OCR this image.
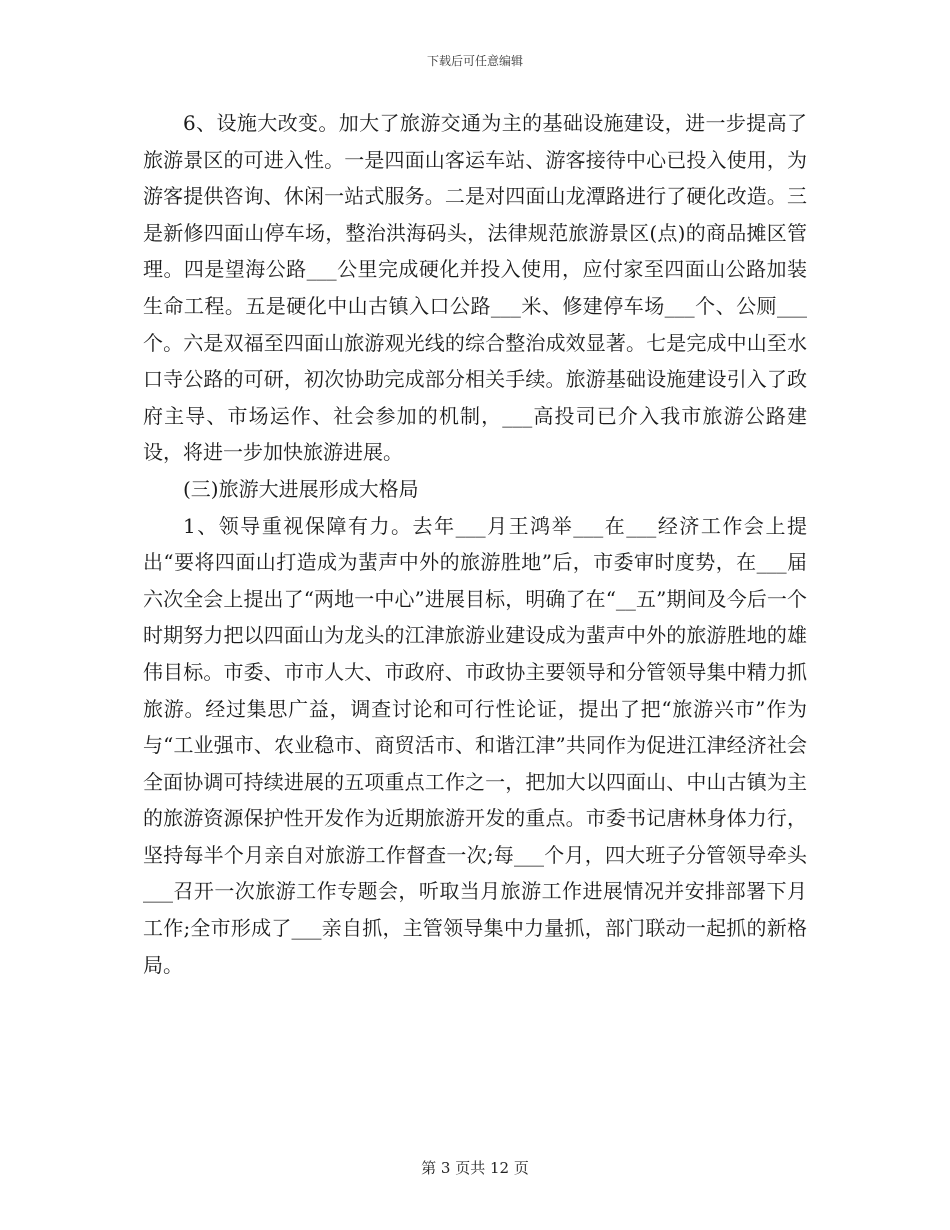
下载后可任意编辑

6、设施大改变。加大了旅游交通为主的基础设施建设，进一步提高了旅游景区的可进入性。一是四面山客运车站、游客接待中心已投入使用，为游客提供咨询、休闲一站式服务。二是对四面山龙潭路进行了硬化改造。三是新修四面山停车场，整治洪海码头，法律规范旅游景区(点)的商品摊区管理。四是望海公路___公里完成硬化并投入使用，应付家至四面山公路加装生命工程。五是硬化中山古镇入口公路___米、修建停车场___个、公厕___个。六是双福至四面山旅游观光线的综合整治成效显著。七是完成中山至水口寺公路的可研，初次协助完成部分相关手续。旅游基础设施建设引入了政府主导、市场运作、社会参加的机制，___高投司已介入我市旅游公路建设，将进一步加快旅游进展。

(三)旅游大进展形成大格局

1、领导重视保障有力。去年___月王鸿举___在___经济工作会上提出“要将四面山打造成为蜚声中外的旅游胜地”后，市委审时度势，在___届六次全会上提出了“两地一中心”进展目标，明确了在“__五”期间及今后一个时期努力把以四面山为龙头的江津旅游业建设成为蜚声中外的旅游胜地的雄伟目标。市委、市市人大、市政府、市政协主要领导和分管领导集中精力抓旅游。经过集思广益，调查讨论和可行性论证，提出了把“旅游兴市”作为与“工业强市、农业稳市、商贸活市、和谐江津”共同作为促进江津经济社会全面协调可持续进展的五项重点工作之一，把加大以四面山、中山古镇为主的旅游资源保护性开发作为近期旅游开发的重点。市委书记唐林身体力行，坚持每半个月亲自对旅游工作督查一次;每___个月，四大班子分管领导牵头___召开一次旅游工作专题会，听取当月旅游工作进展情况并安排部署下月工作;全市形成了___亲自抓，主管领导集中力量抓，部门联动一起抓的新格局。

第 3 页共 12 页
